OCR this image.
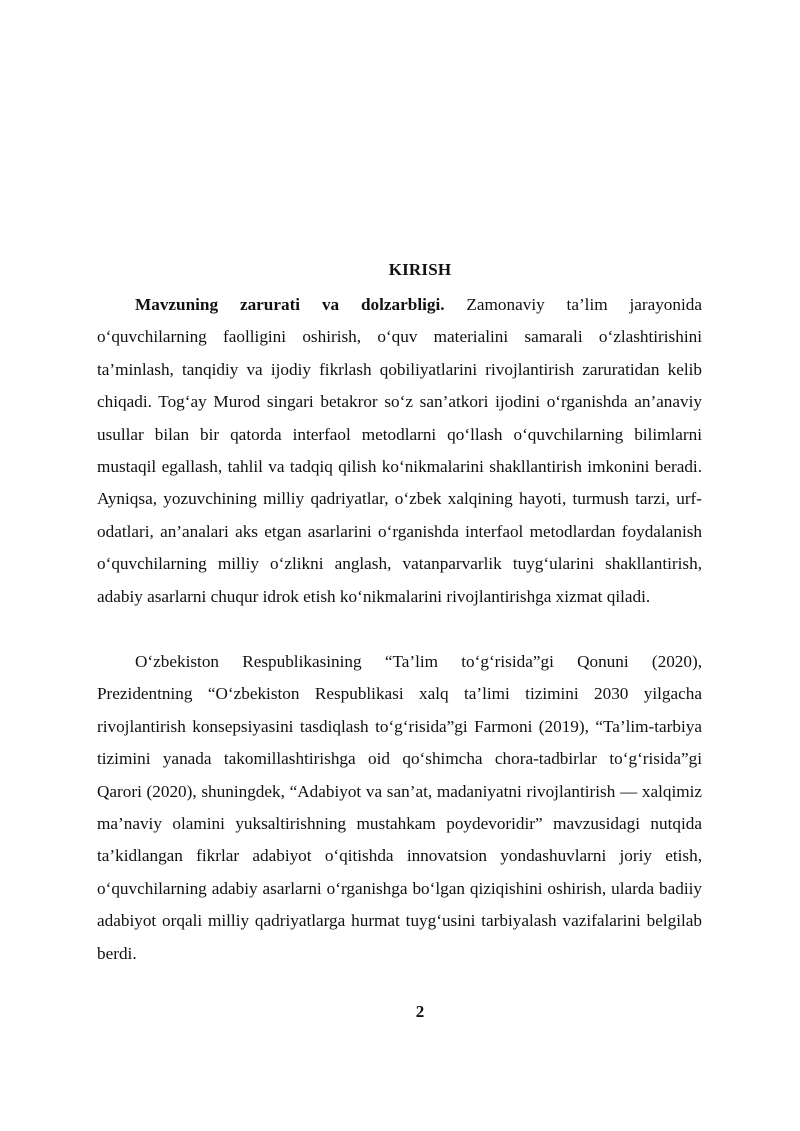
KIRISH

Mavzuning zarurati va dolzarbligi. Zamonaviy ta’lim jarayonida o‘quvchilarning faolligini oshirish, o‘quv materialini samarali o‘zlashtirishini ta’minlash, tanqidiy va ijodiy fikrlash qobiliyatlarini rivojlantirish zaruratidan kelib chiqadi. Tog‘ay Murod singari betakror so‘z san’atkori ijodini o‘rganishda an’anaviy usullar bilan bir qatorda interfaol metodlarni qo‘llash o‘quvchilarning bilimlarni mustaqil egallash, tahlil va tadqiq qilish ko‘nikmalarini shakllantirish imkonini beradi. Ayniqsa, yozuvchining milliy qadriyatlar, o‘zbek xalqining hayoti, turmush tarzi, urf-odatlari, an’analari aks etgan asarlarini o‘rganishda interfaol metodlardan foydalanish o‘quvchilarning milliy o‘zlikni anglash, vatanparvarlik tuyg‘ularini shakllantirish, adabiy asarlarni chuqur idrok etish ko‘nikmalarini rivojlantirishga xizmat qiladi.

O‘zbekiston Respublikasining “Ta’lim to‘g‘risida”gi Qonuni (2020), Prezidentning “O‘zbekiston Respublikasi xalq ta’limi tizimini 2030 yilgacha rivojlantirish konsepsiyasini tasdiqlash to‘g‘risida”gi Farmoni (2019), “Ta’lim-tarbiya tizimini yanada takomillashtirishga oid qo‘shimcha chora-tadbirlar to‘g‘risida”gi Qarori (2020), shuningdek, “Adabiyot va san’at, madaniyatni rivojlantirish — xalqimiz ma’naviy olamini yuksaltirishning mustahkam poydevoridir” mavzusidagi nutqida ta’kidlangan fikrlar adabiyot o‘qitishda innovatsion yondashuvlarni joriy etish, o‘quvchilarning adabiy asarlarni o‘rganishga bo‘lgan qiziqishini oshirish, ularda badiiy adabiyot orqali milliy qadriyatlarga hurmat tuyg‘usini tarbiyalash vazifalarini belgilab berdi.

2
